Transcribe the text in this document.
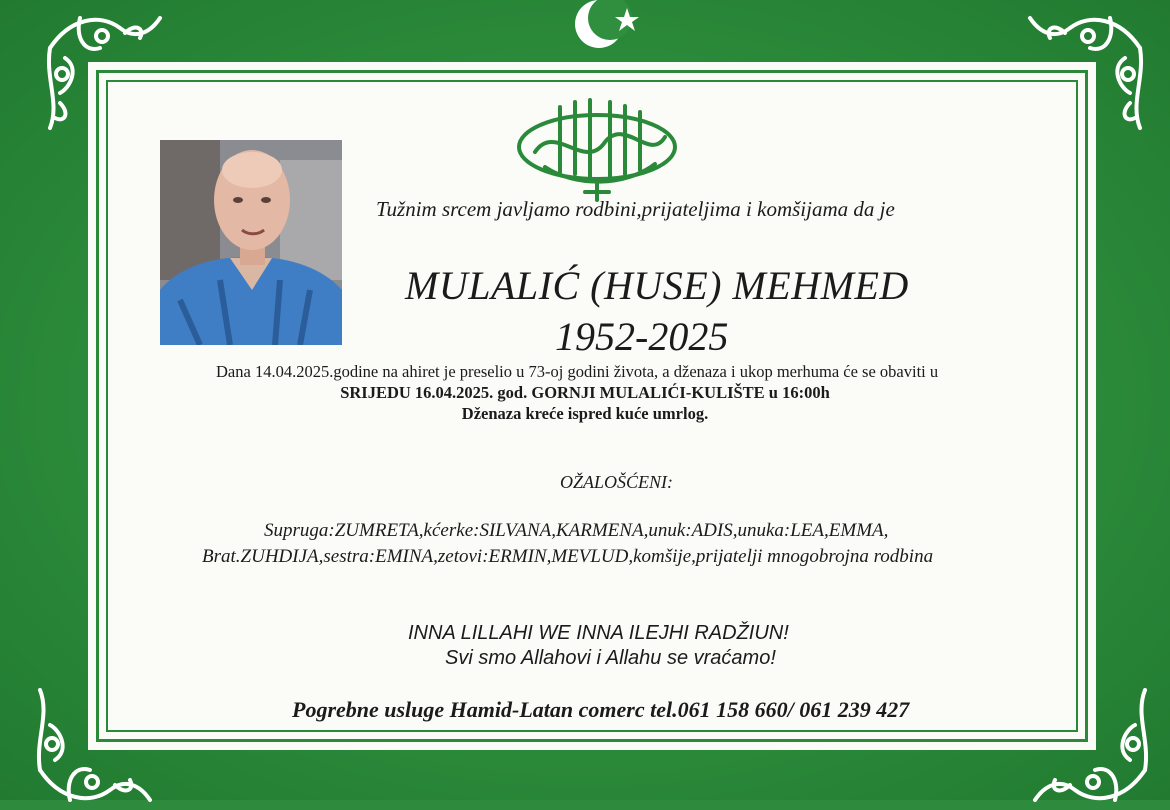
Tužnim srcem javljamo rodbini,prijateljima i komšijama da je
MULALIĆ (HUSE) MEHMED
1952-2025
Dana 14.04.2025.godine na ahiret je preselio u 73-oj godini života, a dženaza i ukop merhuma će se obaviti u
SRIJEDU 16.04.2025. god. GORNJI MULALIĆI-KULIŠTE u 16:00h
Dženaza kreće ispred kuće umrlog.
OŽALOŠĆENI:
Supruga:ZUMRETA,kćerke:SILVANA,KARMENA,unuk:ADIS,unuka:LEA,EMMA,
Brat.ZUHDIJA,sestra:EMINA,zetovi:ERMIN,MEVLUD,komšije,prijatelji mnogobrojna rodbina
INNA LILLAHI WE INNA ILEJHI RADŽIUN!
Svi smo Allahovi i Allahu se vraćamo!
Pogrebne usluge Hamid-Latan comerc tel.061 158 660/ 061 239 427
